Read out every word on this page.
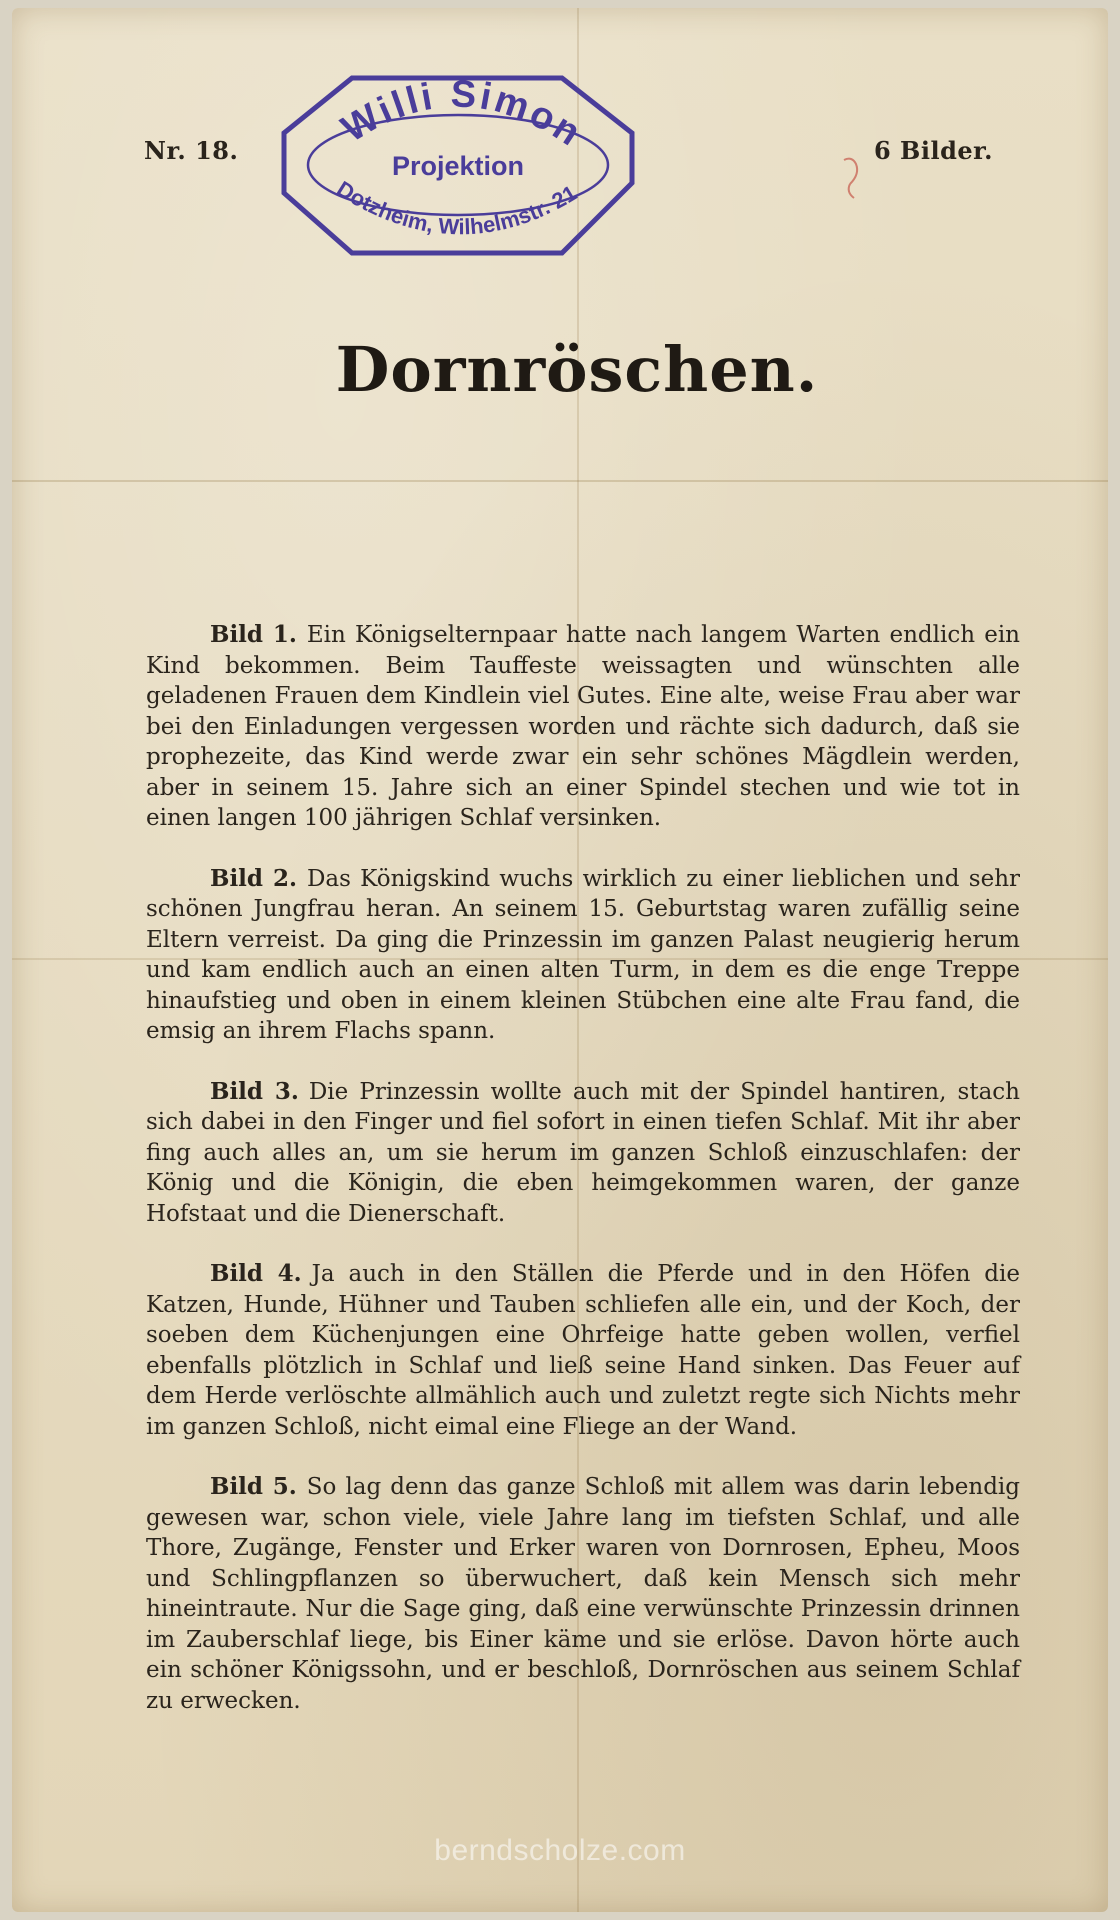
Nr. 18.	6 Bilder.
Willi Simon
Dotzheim, Wilhelmstr. 21
Projektion
Dornröschen.

Bild 1. Ein Königselternpaar hatte nach langem Warten endlich ein Kind bekommen. Beim Tauffeste weissagten und wünschten alle geladenen Frauen dem Kindlein viel Gutes. Eine alte, weise Frau aber war bei den Einladungen vergessen worden und rächte sich dadurch, daß sie prophezeite, das Kind werde zwar ein sehr schönes Mägdlein werden, aber in seinem 15. Jahre sich an einer Spindel stechen und wie tot in einen langen 100 jährigen Schlaf versinken.

Bild 2. Das Königskind wuchs wirklich zu einer lieblichen und sehr schönen Jungfrau heran. An seinem 15. Geburtstag waren zufällig seine Eltern verreist. Da ging die Prinzessin im ganzen Palast neugierig herum und kam endlich auch an einen alten Turm, in dem es die enge Treppe hinaufstieg und oben in einem kleinen Stübchen eine alte Frau fand, die emsig an ihrem Flachs spann.

Bild 3. Die Prinzessin wollte auch mit der Spindel hantiren, stach sich dabei in den Finger und fiel sofort in einen tiefen Schlaf. Mit ihr aber fing auch alles an, um sie herum im ganzen Schloß einzuschlafen: der König und die Königin, die eben heimgekommen waren, der ganze Hofstaat und die Dienerschaft.

Bild 4. Ja auch in den Ställen die Pferde und in den Höfen die Katzen, Hunde, Hühner und Tauben schliefen alle ein, und der Koch, der soeben dem Küchenjungen eine Ohrfeige hatte geben wollen, verfiel ebenfalls plötzlich in Schlaf und ließ seine Hand sinken. Das Feuer auf dem Herde verlöschte allmählich auch und zuletzt regte sich Nichts mehr im ganzen Schloß, nicht eimal eine Fliege an der Wand.

Bild 5. So lag denn das ganze Schloß mit allem was darin lebendig gewesen war, schon viele, viele Jahre lang im tiefsten Schlaf, und alle Thore, Zugänge, Fenster und Erker waren von Dornrosen, Epheu, Moos und Schlingpflanzen so überwuchert, daß kein Mensch sich mehr hineintraute. Nur die Sage ging, daß eine verwünschte Prinzessin drinnen im Zauberschlaf liege, bis Einer käme und sie erlöse. Davon hörte auch ein schöner Königssohn, und er beschloß, Dornröschen aus seinem Schlaf zu erwecken.

berndscholze.com
